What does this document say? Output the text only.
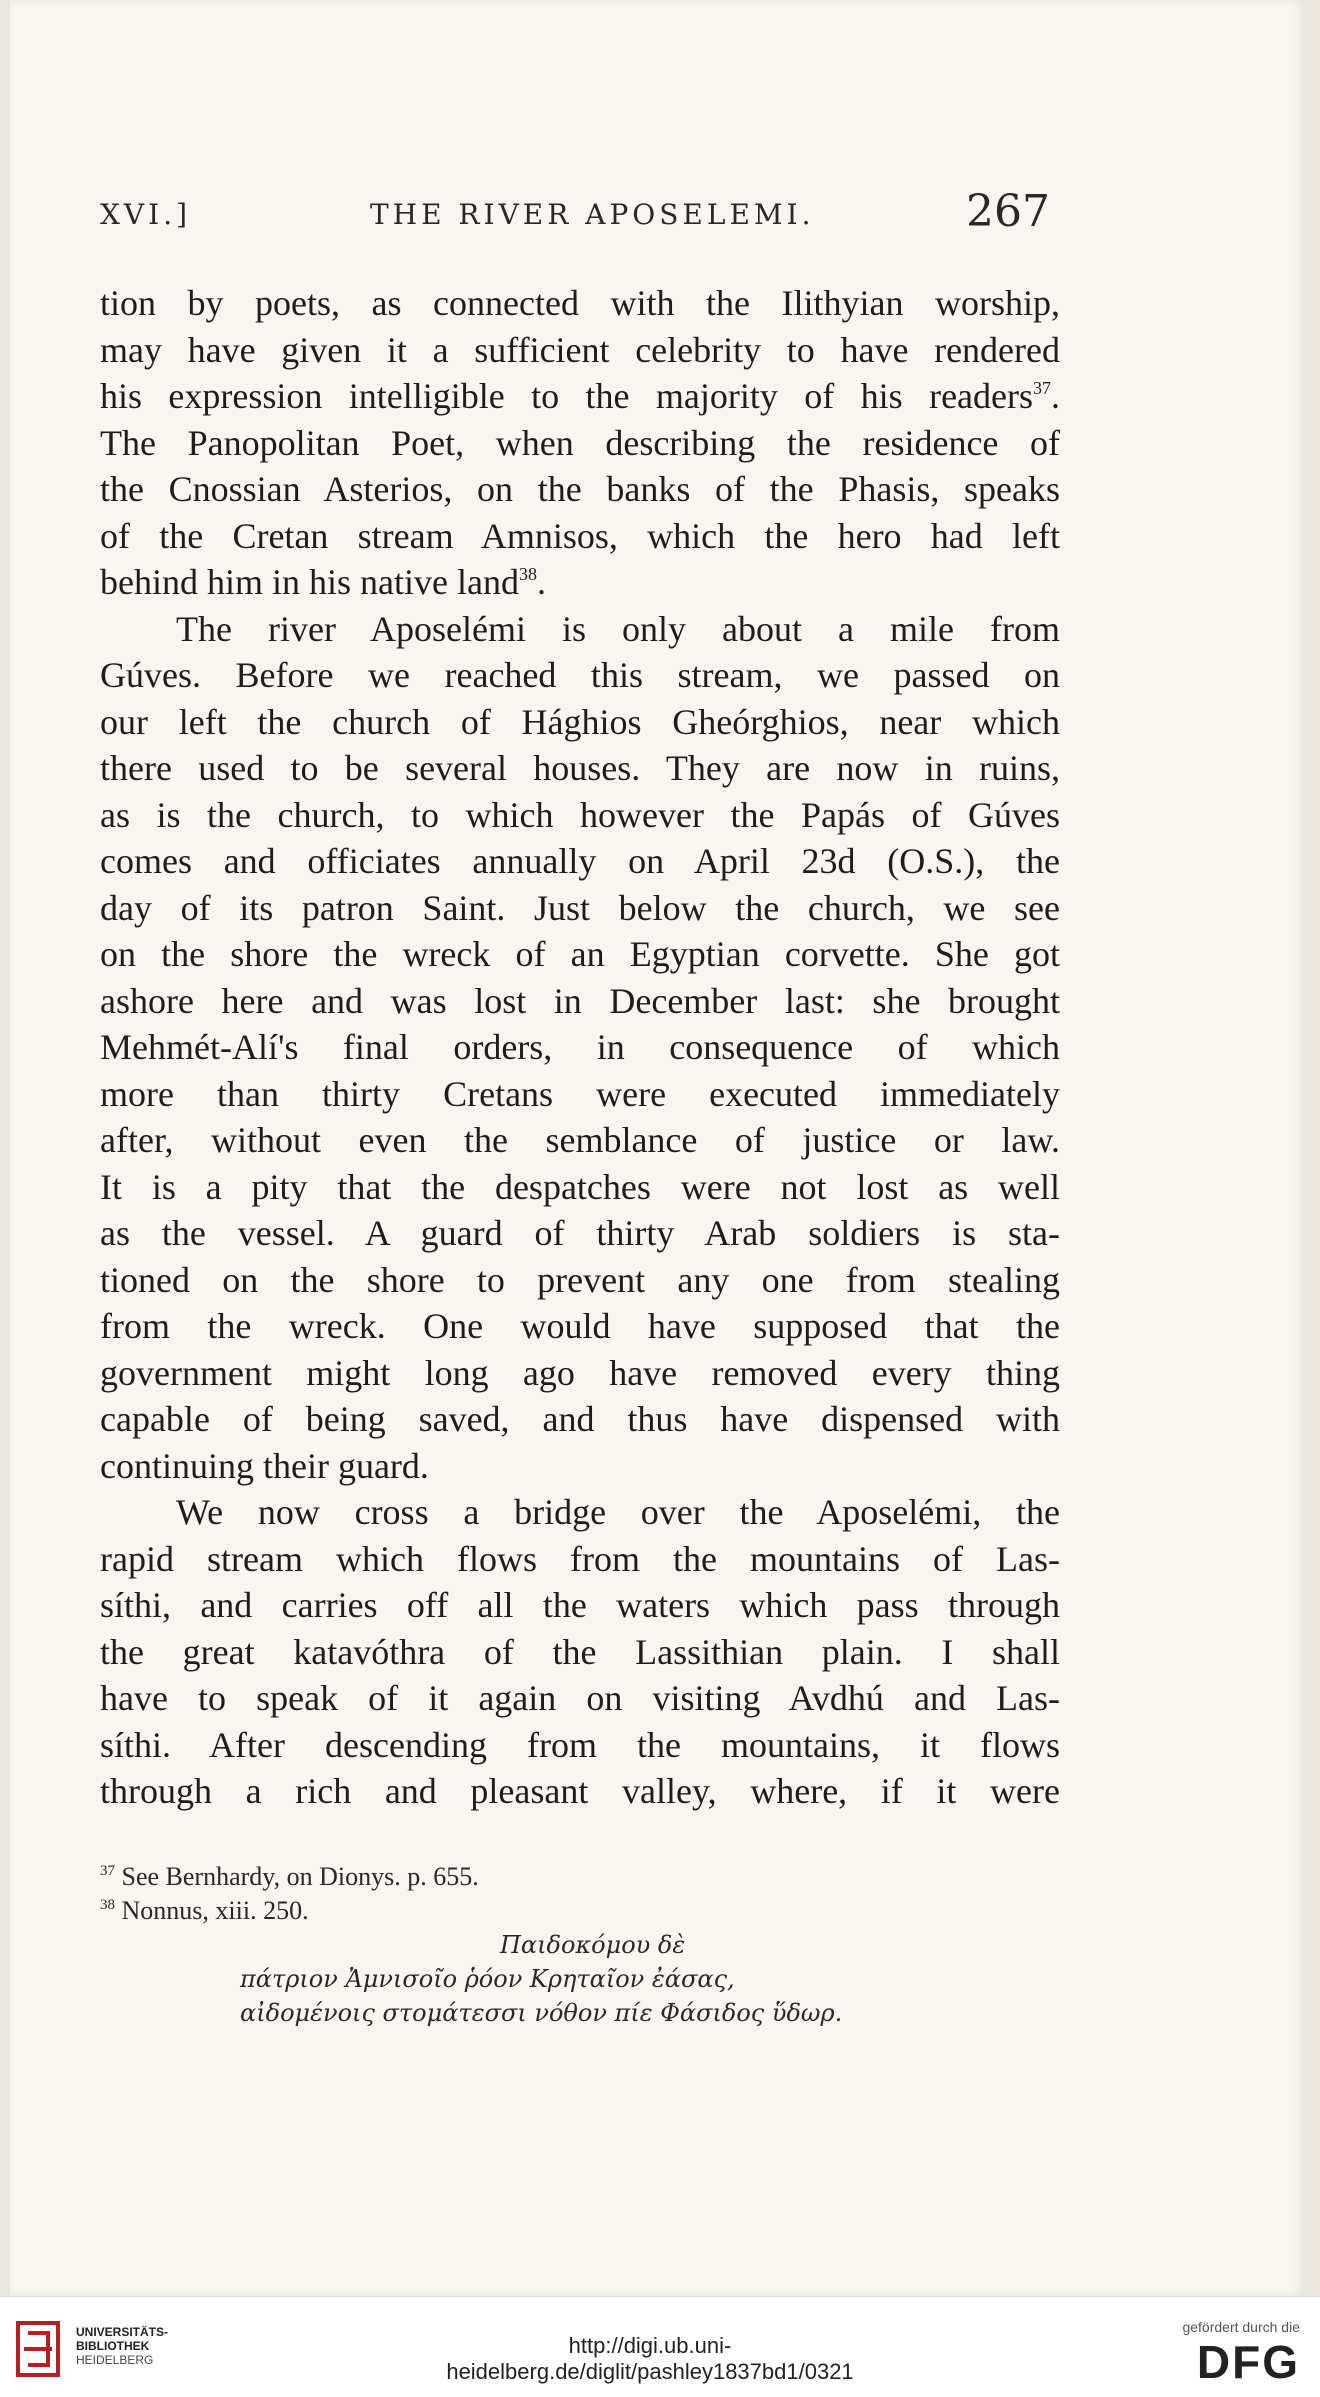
XVI.]	THE RIVER APOSELEMI.	267

tion by poets, as connected with the Ilithyian worship,
may have given it a sufficient celebrity to have rendered
his expression intelligible to the majority of his readers$^{37}$.
The Panopolitan Poet, when describing the residence of
the Cnossian Asterios, on the banks of the Phasis, speaks
of the Cretan stream Amnisos, which the hero had left
behind him in his native land$^{38}$.

The river Aposelémi is only about a mile from
Gúves. Before we reached this stream, we passed on
our left the church of Hághios Gheórghios, near which
there used to be several houses. They are now in ruins,
as is the church, to which however the Papás of Gúves
comes and officiates annually on April 23d (O.S.), the
day of its patron Saint. Just below the church, we see
on the shore the wreck of an Egyptian corvette. She got
ashore here and was lost in December last: she brought
Mehmét-Alí's final orders, in consequence of which
more than thirty Cretans were executed immediately
after, without even the semblance of justice or law.
It is a pity that the despatches were not lost as well
as the vessel. A guard of thirty Arab soldiers is sta-
tioned on the shore to prevent any one from stealing
from the wreck. One would have supposed that the
government might long ago have removed every thing
capable of being saved, and thus have dispensed with
continuing their guard.

We now cross a bridge over the Aposelémi, the
rapid stream which flows from the mountains of Las-
síthi, and carries off all the waters which pass through
the great katavóthra of the Lassithian plain. I shall
have to speak of it again on visiting Avdhú and Las-
síthi. After descending from the mountains, it flows
through a rich and pleasant valley, where, if it were

$^{37}$ See Bernhardy, on Dionys. p. 655.
$^{38}$ Nonnus, xiii. 250.
Παιδοκόμου δὲ
πάτριον Ἀμνισοῖο ῥόον Κρηταῖον ἐάσας,
αἰδομένοις στομάτεσσι νόθον πίε Φάσιδος ὕδωρ.
UNIVERSITÄTS-
BIBLIOTHEK
HEIDELBERG
http://digi.ub.uni-heidelberg.de/diglit/pashley1837bd1/0321
gefördert durch die
DFG
